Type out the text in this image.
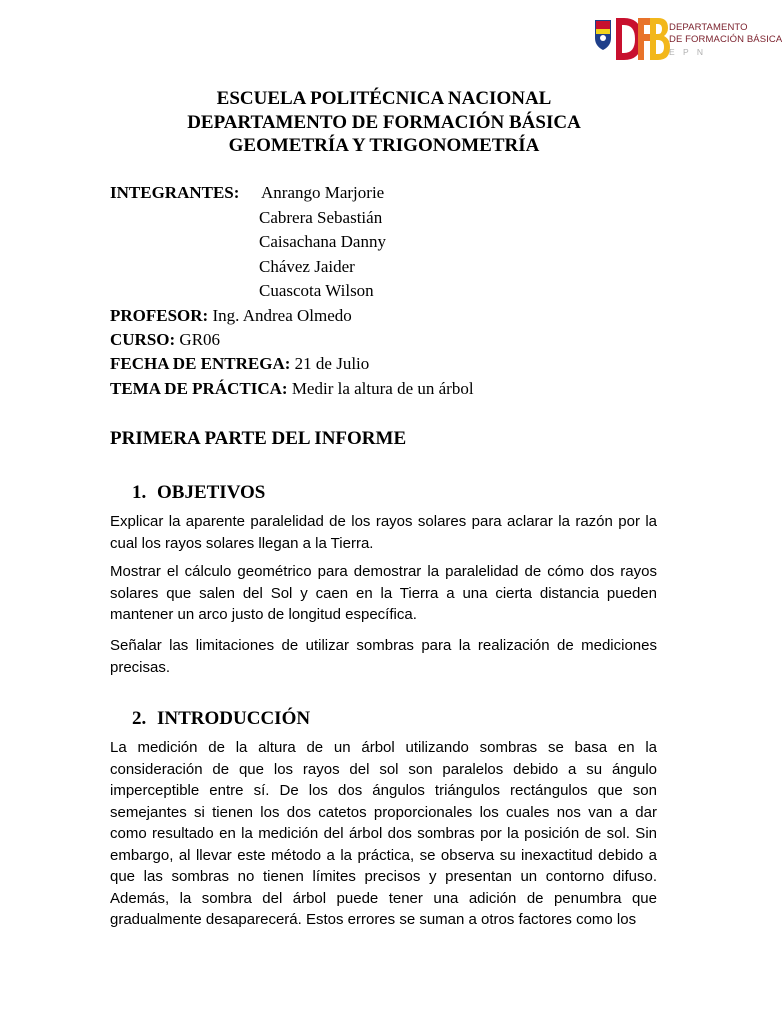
DEPARTAMENTO
DE FORMACIÓN BÁSICA
E P N
ESCUELA POLITÉCNICA NACIONAL
DEPARTAMENTO DE FORMACIÓN BÁSICA
GEOMETRÍA Y TRIGONOMETRÍA
INTEGRANTES: Anrango Marjorie
Cabrera Sebastián
Caisachana Danny
Chávez Jaider
Cuascota Wilson
PROFESOR: Ing. Andrea Olmedo
CURSO: GR06
FECHA DE ENTREGA: 21 de Julio
TEMA DE PRÁCTICA: Medir la altura de un árbol
PRIMERA PARTE DEL INFORME
1. OBJETIVOS

Explicar la aparente paralelidad de los rayos solares para aclarar la razón por la cual los rayos solares llegan a la Tierra.

Mostrar el cálculo geométrico para demostrar la paralelidad de cómo dos rayos solares que salen del Sol y caen en la Tierra a una cierta distancia pueden mantener un arco justo de longitud específica.

Señalar las limitaciones de utilizar sombras para la realización de mediciones precisas.

2. INTRODUCCIÓN

La medición de la altura de un árbol utilizando sombras se basa en la consideración de que los rayos del sol son paralelos debido a su ángulo imperceptible entre sí. De los dos ángulos triángulos rectángulos que son semejantes si tienen los dos catetos proporcionales los cuales nos van a dar como resultado en la medición del árbol dos sombras por la posición de sol. Sin embargo, al llevar este método a la práctica, se observa su inexactitud debido a que las sombras no tienen límites precisos y presentan un contorno difuso. Además, la sombra del árbol puede tener una adición de penumbra que gradualmente desaparecerá. Estos errores se suman a otros factores como los
